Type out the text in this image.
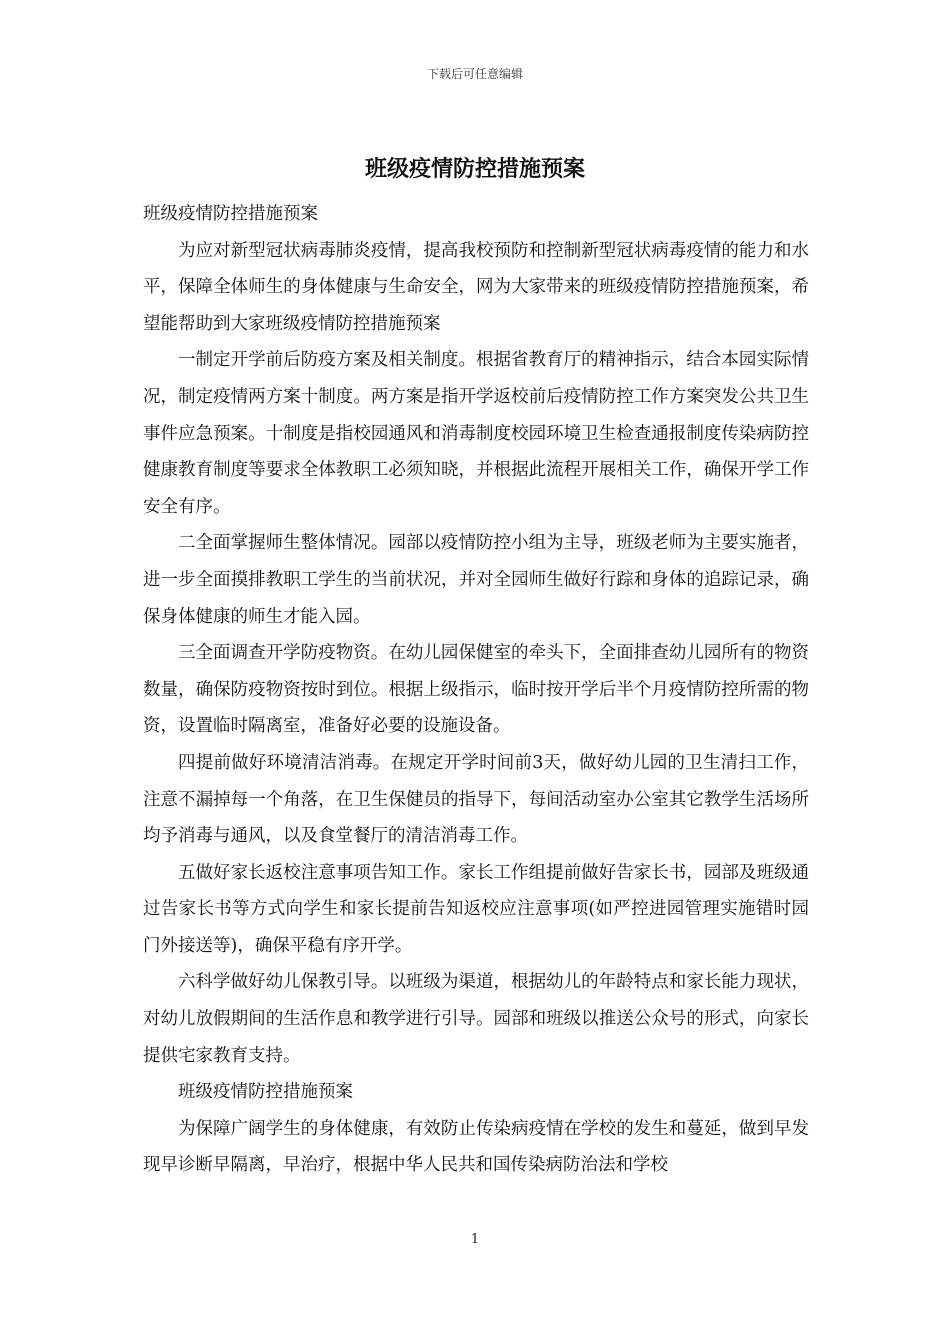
下载后可任意编辑
班级疫情防控措施预案

班级疫情防控措施预案

为应对新型冠状病毒肺炎疫情，提高我校预防和控制新型冠状病毒疫情的能力和水平，保障全体师生的身体健康与生命安全，网为大家带来的班级疫情防控措施预案，希望能帮助到大家班级疫情防控措施预案

一制定开学前后防疫方案及相关制度。根据省教育厅的精神指示，结合本园实际情况，制定疫情两方案十制度。两方案是指开学返校前后疫情防控工作方案突发公共卫生事件应急预案。十制度是指校园通风和消毒制度校园环境卫生检查通报制度传染病防控健康教育制度等要求全体教职工必须知晓，并根据此流程开展相关工作，确保开学工作安全有序。

二全面掌握师生整体情况。园部以疫情防控小组为主导，班级老师为主要实施者，进一步全面摸排教职工学生的当前状况，并对全园师生做好行踪和身体的追踪记录，确保身体健康的师生才能入园。

三全面调查开学防疫物资。在幼儿园保健室的牵头下，全面排查幼儿园所有的物资数量，确保防疫物资按时到位。根据上级指示，临时按开学后半个月疫情防控所需的物资，设置临时隔离室，准备好必要的设施设备。

四提前做好环境清洁消毒。在规定开学时间前3天，做好幼儿园的卫生清扫工作，注意不漏掉每一个角落，在卫生保健员的指导下，每间活动室办公室其它教学生活场所均予消毒与通风，以及食堂餐厅的清洁消毒工作。

五做好家长返校注意事项告知工作。家长工作组提前做好告家长书，园部及班级通过告家长书等方式向学生和家长提前告知返校应注意事项(如严控进园管理实施错时园门外接送等)，确保平稳有序开学。

六科学做好幼儿保教引导。以班级为渠道，根据幼儿的年龄特点和家长能力现状，对幼儿放假期间的生活作息和教学进行引导。园部和班级以推送公众号的形式，向家长提供宅家教育支持。

班级疫情防控措施预案

为保障广阔学生的身体健康，有效防止传染病疫情在学校的发生和蔓延，做到早发现早诊断早隔离，早治疗，根据中华人民共和国传染病防治法和学校

1
